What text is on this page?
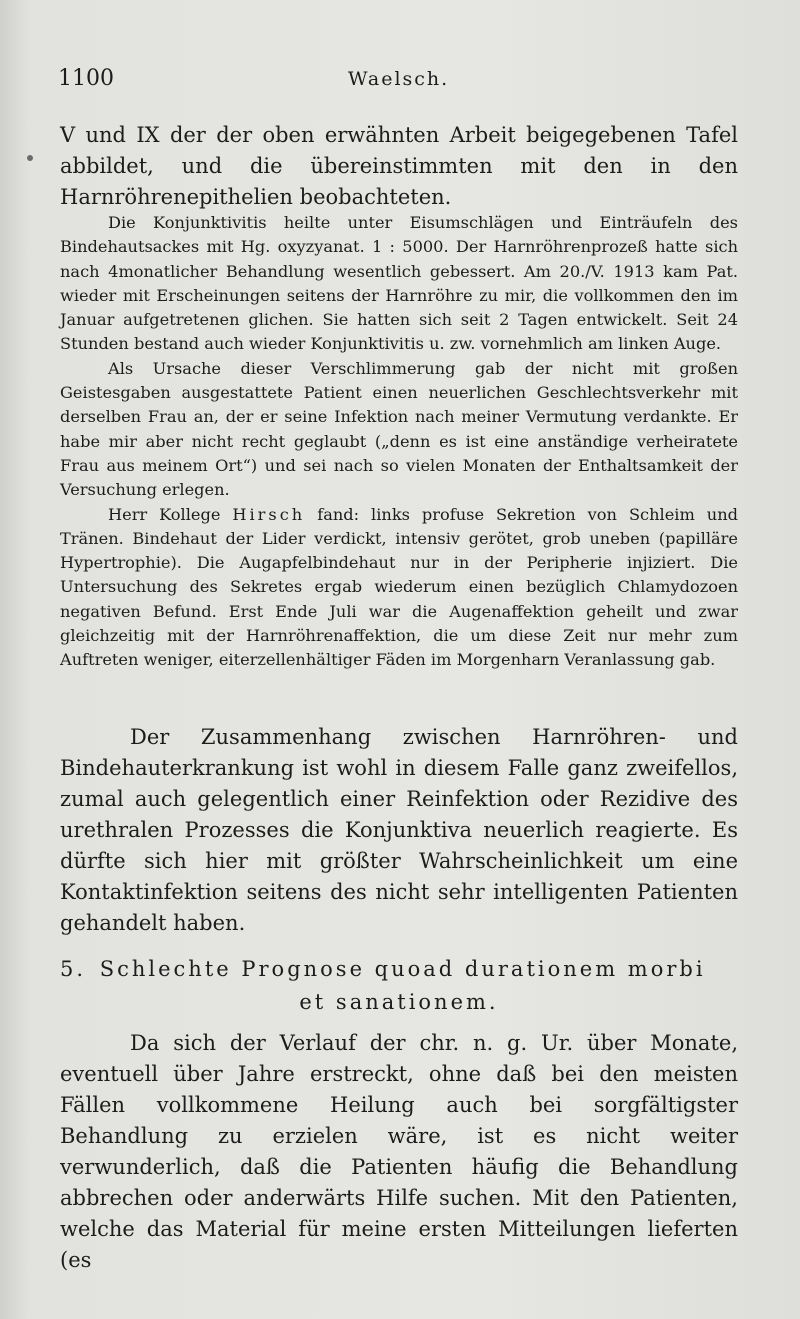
1100	Waelsch.

V und IX der der oben erwähnten Arbeit beigegebenen Tafel abbildet, und die übereinstimmten mit den in den Harnröhrenepithelien beobachteten.

Die Konjunktivitis heilte unter Eisumschlägen und Einträufeln des Bindehautsackes mit Hg. oxyzyanat. 1 : 5000. Der Harnröhrenprozeß hatte sich nach 4monatlicher Behandlung wesentlich gebessert. Am 20./V. 1913 kam Pat. wieder mit Erscheinungen seitens der Harnröhre zu mir, die vollkommen den im Januar aufgetretenen glichen. Sie hatten sich seit 2 Tagen entwickelt. Seit 24 Stunden bestand auch wieder Konjunktivitis u. zw. vornehmlich am linken Auge.

Als Ursache dieser Verschlimmerung gab der nicht mit großen Geistesgaben ausgestattete Patient einen neuerlichen Geschlechtsverkehr mit derselben Frau an, der er seine Infektion nach meiner Vermutung verdankte. Er habe mir aber nicht recht geglaubt („denn es ist eine anständige verheiratete Frau aus meinem Ort“) und sei nach so vielen Monaten der Enthaltsamkeit der Versuchung erlegen.

Herr Kollege Hirsch fand: links profuse Sekretion von Schleim und Tränen. Bindehaut der Lider verdickt, intensiv gerötet, grob uneben (papilläre Hypertrophie). Die Augapfelbindehaut nur in der Peripherie injiziert. Die Untersuchung des Sekretes ergab wiederum einen bezüglich Chlamydozoen negativen Befund. Erst Ende Juli war die Augenaffektion geheilt und zwar gleichzeitig mit der Harnröhrenaffektion, die um diese Zeit nur mehr zum Auftreten weniger, eiterzellenhältiger Fäden im Morgenharn Veranlassung gab.

Der Zusammenhang zwischen Harnröhren- und Bindehauterkrankung ist wohl in diesem Falle ganz zweifellos, zumal auch gelegentlich einer Reinfektion oder Rezidive des urethralen Prozesses die Konjunktiva neuerlich reagierte. Es dürfte sich hier mit größter Wahrscheinlichkeit um eine Kontaktinfektion seitens des nicht sehr intelligenten Patienten gehandelt haben.

5. Schlechte Prognose quoad durationem morbi
et sanationem.

Da sich der Verlauf der chr. n. g. Ur. über Monate, eventuell über Jahre erstreckt, ohne daß bei den meisten Fällen vollkommene Heilung auch bei sorgfältigster Behandlung zu erzielen wäre, ist es nicht weiter verwunderlich, daß die Patienten häufig die Behandlung abbrechen oder anderwärts Hilfe suchen. Mit den Patienten, welche das Material für meine ersten Mitteilungen lieferten (es
